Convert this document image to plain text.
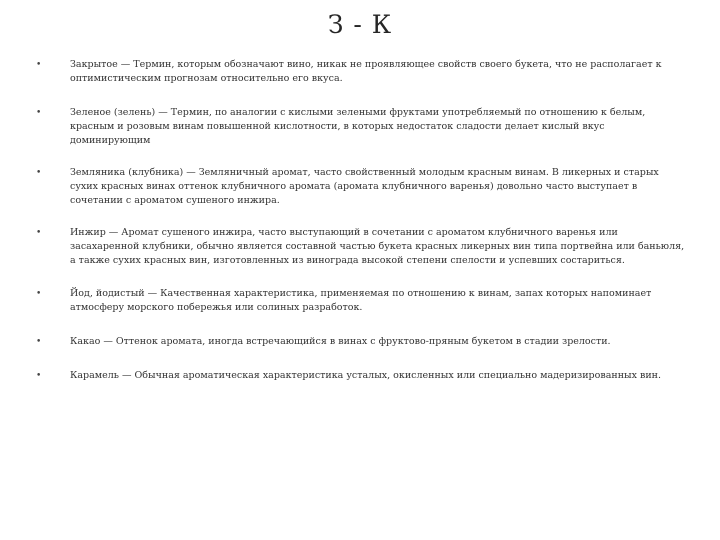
З - К
•	Закрытое — Термин, которым обозначают вино, никак не проявляющее свойств своего букета, что не располагает к оптимистическим прогнозам относительно его вкуса.
•	Зеленое (зелень) — Термин, по аналогии с кислыми зелеными фруктами употребляемый по отношению к белым, красным и розовым винам повышенной кислотности, в которых недостаток сладости делает кислый вкус доминирующим
•	Земляника (клубника) — Земляничный аромат, часто свойственный молодым красным винам. В ликерных и старых сухих красных винах оттенок клубничного аромата (аромата клубничного варенья) довольно часто выступает в сочетании с ароматом сушеного инжира.
•	Инжир — Аромат сушеного инжира, часто выступающий в сочетании с ароматом клубничного варенья или засахаренной клубники, обычно является составной частью букета красных ликерных вин типа портвейна или баньюля, а также сухих красных вин, изготовленных из винограда высокой степени спелости и успевших состариться.
•	Йод, йодистый — Качественная характеристика, применяемая по отношению к винам, запах которых напоминает атмосферу морского побережья или солиных разработок.
•	Какао — Оттенок аромата, иногда встречающийся в винах с фруктово-пряным букетом в стадии зрелости.
•	Карамель — Обычная ароматическая характеристика усталых, окисленных или специально мадеризированных вин.
